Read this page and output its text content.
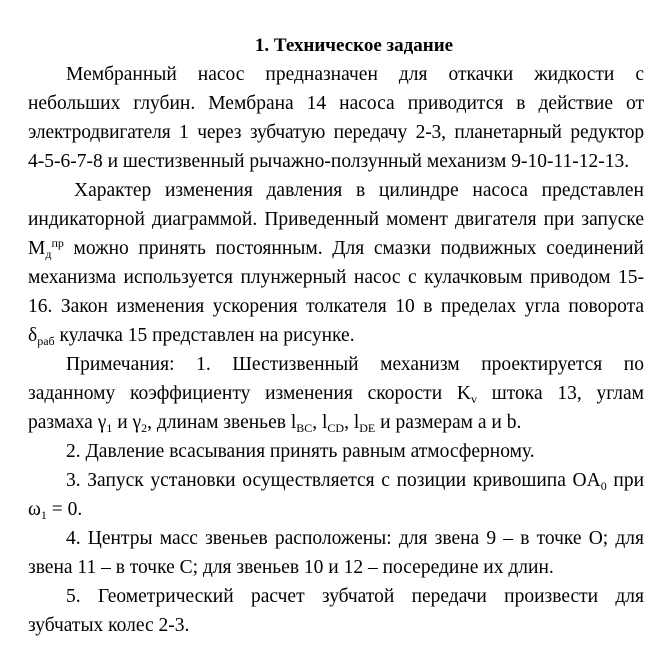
1. Техническое задание
Мембранный насос предназначен для откачки жидкости с
небольших глубин. Мембрана 14 насоса приводится в действие от
электродвигателя 1 через зубчатую передачу 2-3, планетарный редуктор
4-5-6-7-8 и шестизвенный рычажно-ползунный механизм 9-10-11-12-13.
Характер изменения давления в цилиндре насоса представлен
индикаторной диаграммой. Приведенный момент двигателя при запуске
$M_д^{пр}$ можно принять постоянным. Для смазки подвижных соединений
механизма используется плунжерный насос с кулачковым приводом 15-
16. Закон изменения ускорения толкателя 10 в пределах угла поворота
$\delta_{раб}$ кулачка 15 представлен на рисунке.
Примечания: 1. Шестизвенный механизм проектируется по
заданному коэффициенту изменения скорости $K_v$ штока 13, углам
размаха $\gamma_1$ и $\gamma_2$, длинам звеньев $l_{BC}$, $l_{CD}$, $l_{DE}$ и размерам a и b.
2. Давление всасывания принять равным атмосферному.
3. Запуск установки осуществляется с позиции кривошипа $OA_0$ при
$\omega_1 = 0$.
4. Центры масс звеньев расположены: для звена 9 – в точке O; для
звена 11 – в точке C; для звеньев 10 и 12 – посередине их длин.
5. Геометрический расчет зубчатой передачи произвести для
зубчатых колес 2-3.
